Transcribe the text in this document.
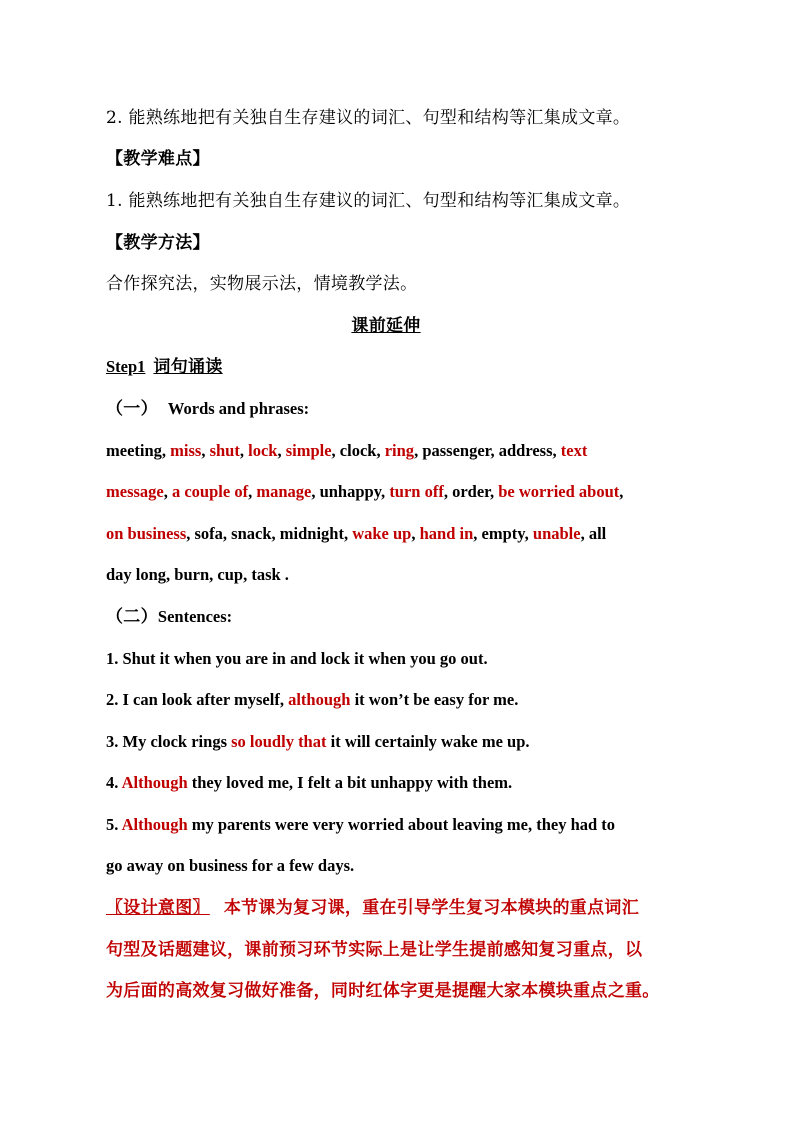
2. 能熟练地把有关独自生存建议的词汇、句型和结构等汇集成文章。
【教学难点】
1. 能熟练地把有关独自生存建议的词汇、句型和结构等汇集成文章。
【教学方法】
合作探究法，实物展示法，情境教学法。
课前延伸
Step1 词句诵读
（一） Words and phrases:
meeting, miss, shut, lock, simple, clock, ring, passenger, address, text
message, a couple of, manage, unhappy, turn off, order, be worried about,
on business, sofa, snack, midnight, wake up, hand in, empty, unable, all
day long, burn, cup, task .
（二）Sentences:
1. Shut it when you are in and lock it when you go out.
2. I can look after myself, although it won’t be easy for me.
3. My clock rings so loudly that it will certainly wake me up.
4. Although they loved me, I felt a bit unhappy with them.
5. Although my parents were very worried about leaving me, they had to
go away on business for a few days.
〖设计意图〗 本节课为复习课，重在引导学生复习本模块的重点词汇
句型及话题建议，课前预习环节实际上是让学生提前感知复习重点，以
为后面的高效复习做好准备，同时红体字更是提醒大家本模块重点之重。
